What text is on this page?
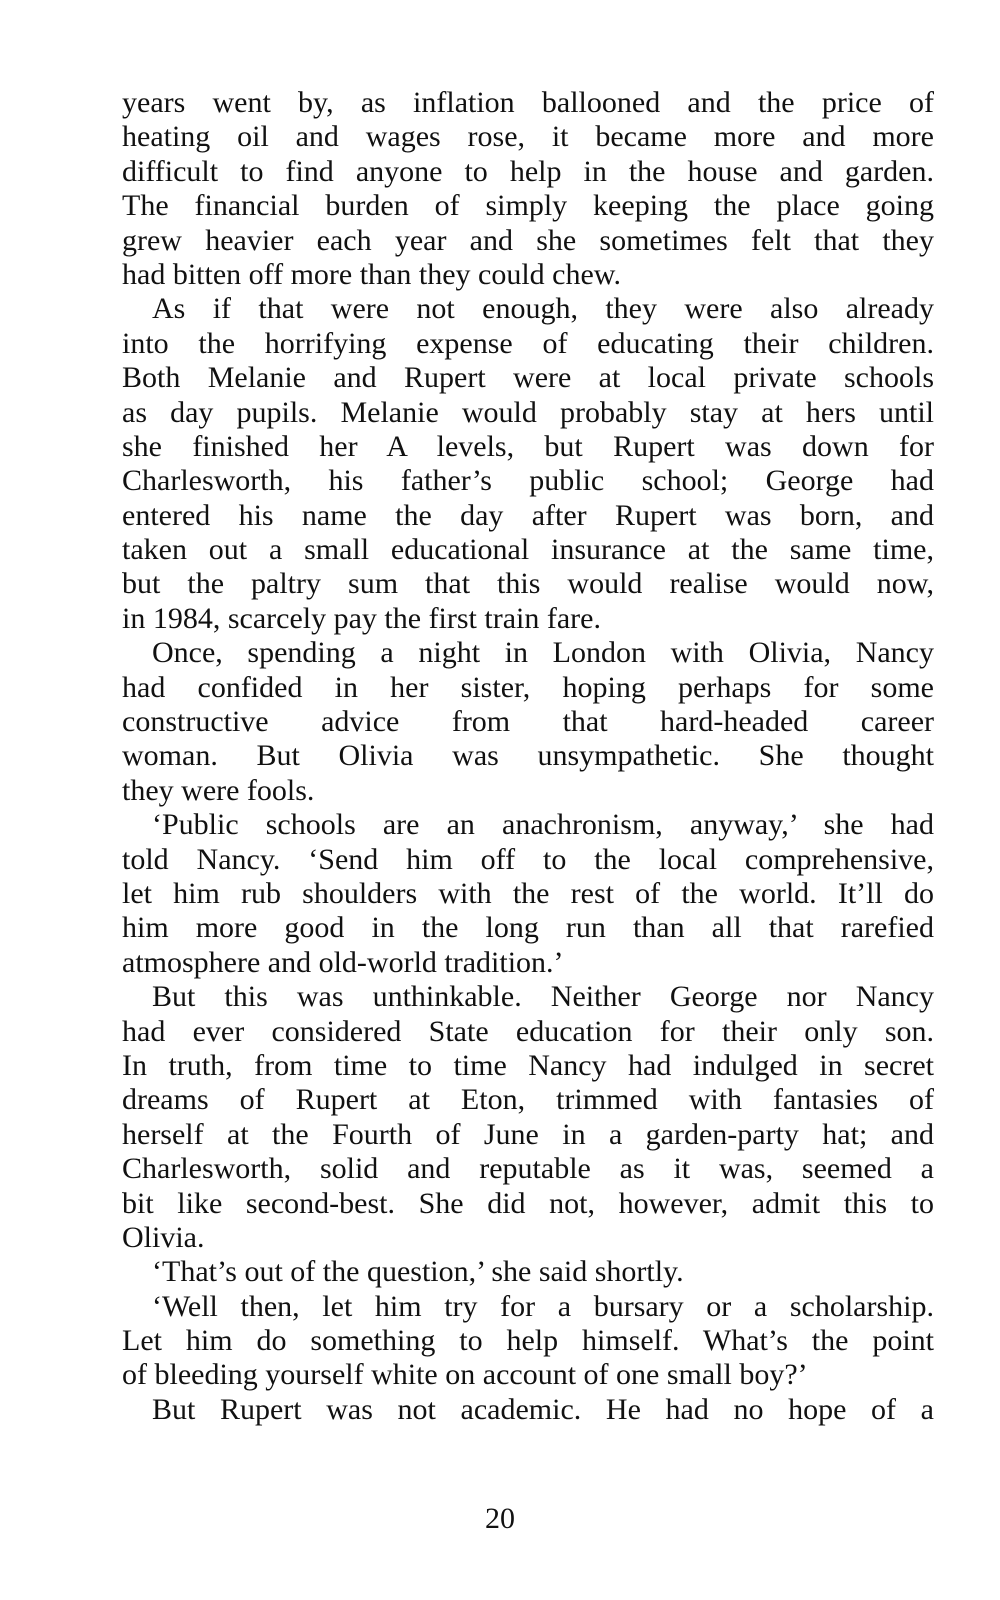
years went by, as inflation ballooned and the price of
heating oil and wages rose, it became more and more
difficult to find anyone to help in the house and garden.
The financial burden of simply keeping the place going
grew heavier each year and she sometimes felt that they
had bitten off more than they could chew.
As if that were not enough, they were also already
into the horrifying expense of educating their children.
Both Melanie and Rupert were at local private schools
as day pupils. Melanie would probably stay at hers until
she finished her A levels, but Rupert was down for
Charlesworth, his father’s public school; George had
entered his name the day after Rupert was born, and
taken out a small educational insurance at the same time,
but the paltry sum that this would realise would now,
in 1984, scarcely pay the first train fare.
Once, spending a night in London with Olivia, Nancy
had confided in her sister, hoping perhaps for some
constructive advice from that hard-headed career
woman. But Olivia was unsympathetic. She thought
they were fools.
‘Public schools are an anachronism, anyway,’ she had
told Nancy. ‘Send him off to the local comprehensive,
let him rub shoulders with the rest of the world. It’ll do
him more good in the long run than all that rarefied
atmosphere and old-world tradition.’
But this was unthinkable. Neither George nor Nancy
had ever considered State education for their only son.
In truth, from time to time Nancy had indulged in secret
dreams of Rupert at Eton, trimmed with fantasies of
herself at the Fourth of June in a garden-party hat; and
Charlesworth, solid and reputable as it was, seemed a
bit like second-best. She did not, however, admit this to
Olivia.
‘That’s out of the question,’ she said shortly.
‘Well then, let him try for a bursary or a scholarship.
Let him do something to help himself. What’s the point
of bleeding yourself white on account of one small boy?’
But Rupert was not academic. He had no hope of a
20
